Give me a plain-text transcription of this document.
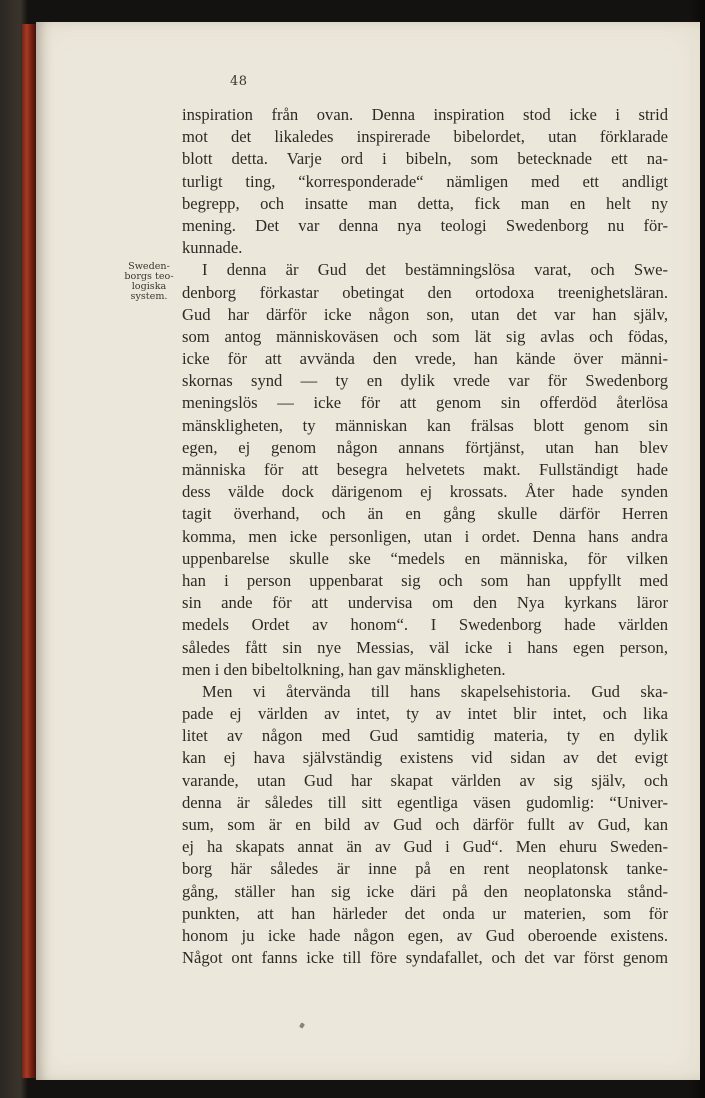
48
Sweden-
borgs teo-
logiska
system.
inspiration från ovan. Denna inspiration stod icke i strid
mot det likaledes inspirerade bibelordet, utan förklarade
blott detta. Varje ord i bibeln, som betecknade ett na-
turligt ting, “korresponderade“ nämligen med ett andligt
begrepp, och insatte man detta, fick man en helt ny
mening. Det var denna nya teologi Swedenborg nu för-
kunnade.
I denna är Gud det bestämningslösa varat, och Swe-
denborg förkastar obetingat den ortodoxa treenighetsläran.
Gud har därför icke någon son, utan det var han själv,
som antog människoväsen och som lät sig avlas och födas,
icke för att avvända den vrede, han kände över männi-
skornas synd — ty en dylik vrede var för Swedenborg
meningslös — icke för att genom sin offerdöd återlösa
mänskligheten, ty människan kan frälsas blott genom sin
egen, ej genom någon annans förtjänst, utan han blev
människa för att besegra helvetets makt. Fullständigt hade
dess välde dock därigenom ej krossats. Åter hade synden
tagit överhand, och än en gång skulle därför Herren
komma, men icke personligen, utan i ordet. Denna hans andra
uppenbarelse skulle ske “medels en människa, för vilken
han i person uppenbarat sig och som han uppfyllt med
sin ande för att undervisa om den Nya kyrkans läror
medels Ordet av honom“. I Swedenborg hade världen
således fått sin nye Messias, väl icke i hans egen person,
men i den bibeltolkning, han gav mänskligheten.
Men vi återvända till hans skapelsehistoria. Gud ska-
pade ej världen av intet, ty av intet blir intet, och lika
litet av någon med Gud samtidig materia, ty en dylik
kan ej hava självständig existens vid sidan av det evigt
varande, utan Gud har skapat världen av sig själv, och
denna är således till sitt egentliga väsen gudomlig: “Univer-
sum, som är en bild av Gud och därför fullt av Gud, kan
ej ha skapats annat än av Gud i Gud“. Men ehuru Sweden-
borg här således är inne på en rent neoplatonsk tanke-
gång, ställer han sig icke däri på den neoplatonska stånd-
punkten, att han härleder det onda ur materien, som för
honom ju icke hade någon egen, av Gud oberoende existens.
Något ont fanns icke till före syndafallet, och det var först genom
